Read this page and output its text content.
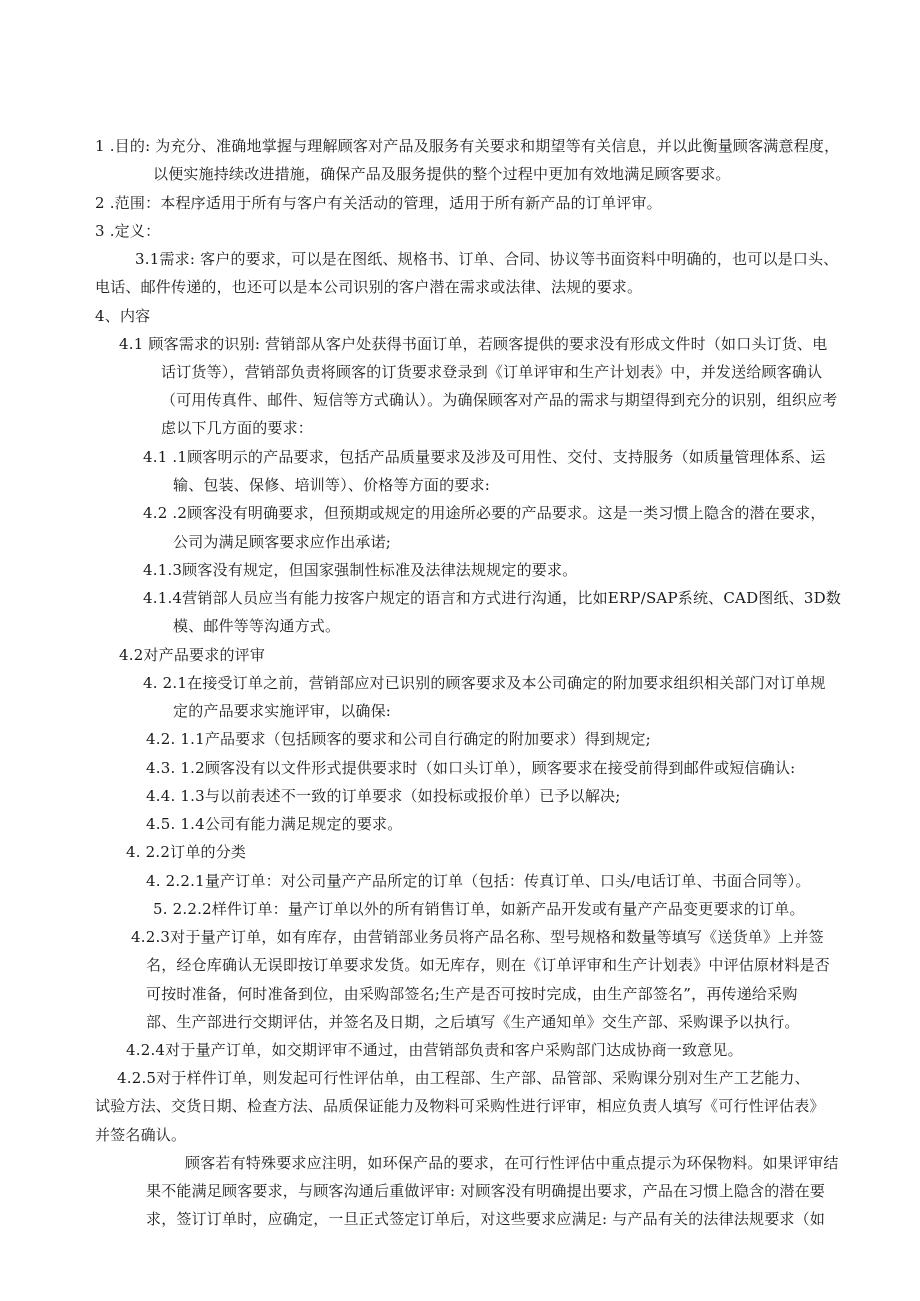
1 .目的: 为充分、准确地掌握与理解顾客对产品及服务有关要求和期望等有关信息，并以此衡量顾客满意程度，

以便实施持续改进措施，确保产品及服务提供的整个过程中更加有效地满足顾客要求。

2 .范围：本程序适用于所有与客户有关活动的管理，适用于所有新产品的订单评审。

3 .定义：

3.1需求: 客户的要求，可以是在图纸、规格书、订单、合同、协议等书面资料中明确的，也可以是口头、

电话、邮件传递的，也还可以是本公司识别的客户潜在需求或法律、法规的要求。

4、内容

4.1 顾客需求的识别: 营销部从客户处获得书面订单，若顾客提供的要求没有形成文件时（如口头订货、电

话订货等），营销部负责将顾客的订货要求登录到《订单评审和生产计划表》中，并发送给顾客确认

（可用传真件、邮件、短信等方式确认）。为确保顾客对产品的需求与期望得到充分的识别，组织应考

虑以下几方面的要求：

4.1 .1顾客明示的产品要求，包括产品质量要求及涉及可用性、交付、支持服务（如质量管理体系、运

输、包装、保修、培训等）、价格等方面的要求:

4.2 .2顾客没有明确要求，但预期或规定的用途所必要的产品要求。这是一类习惯上隐含的潜在要求，

公司为满足顾客要求应作出承诺;

4.1.3顾客没有规定，但国家强制性标准及法律法规规定的要求。

4.1.4营销部人员应当有能力按客户规定的语言和方式进行沟通，比如ERP/SAP系统、CAD图纸、3D数

模、邮件等等沟通方式。

4.2对产品要求的评审

4. 2.1在接受订单之前，营销部应对已识别的顾客要求及本公司确定的附加要求组织相关部门对订单规

定的产品要求实施评审，以确保:

4.2. 1.1产品要求（包括顾客的要求和公司自行确定的附加要求）得到规定;

4.3. 1.2顾客没有以文件形式提供要求时（如口头订单），顾客要求在接受前得到邮件或短信确认:

4.4. 1.3与以前表述不一致的订单要求（如投标或报价单）已予以解决;

4.5. 1.4公司有能力满足规定的要求。

4. 2.2订单的分类

4. 2.2.1量产订单：对公司量产产品所定的订单（包括：传真订单、口头/电话订单、书面合同等）。

5. 2.2.2样件订单：量产订单以外的所有销售订单，如新产品开发或有量产产品变更要求的订单。

4.2.3对于量产订单，如有库存，由营销部业务员将产品名称、型号规格和数量等填写《送货单》上并签

名，经仓库确认无误即按订单要求发货。如无库存，则在《订单评审和生产计划表》中评估原材料是否

可按时准备，何时准备到位，由采购部签名;生产是否可按时完成，由生产部签名”，再传递给采购

部、生产部进行交期评估，并签名及日期，之后填写《生产通知单》交生产部、采购课予以执行。

4.2.4对于量产订单，如交期评审不通过，由营销部负责和客户采购部门达成协商一致意见。

4.2.5对于样件订单，则发起可行性评估单，由工程部、生产部、品管部、采购课分别对生产工艺能力、

试验方法、交货日期、检查方法、品质保证能力及物料可采购性进行评审，相应负责人填写《可行性评估表》

并签名确认。

顾客若有特殊要求应注明，如环保产品的要求，在可行性评估中重点提示为环保物料。如果评审结

果不能满足顾客要求，与顾客沟通后重做评审: 对顾客没有明确提出要求，产品在习惯上隐含的潜在要

求，签订订单时，应确定，一旦正式签定订单后，对这些要求应满足: 与产品有关的法律法规要求（如
